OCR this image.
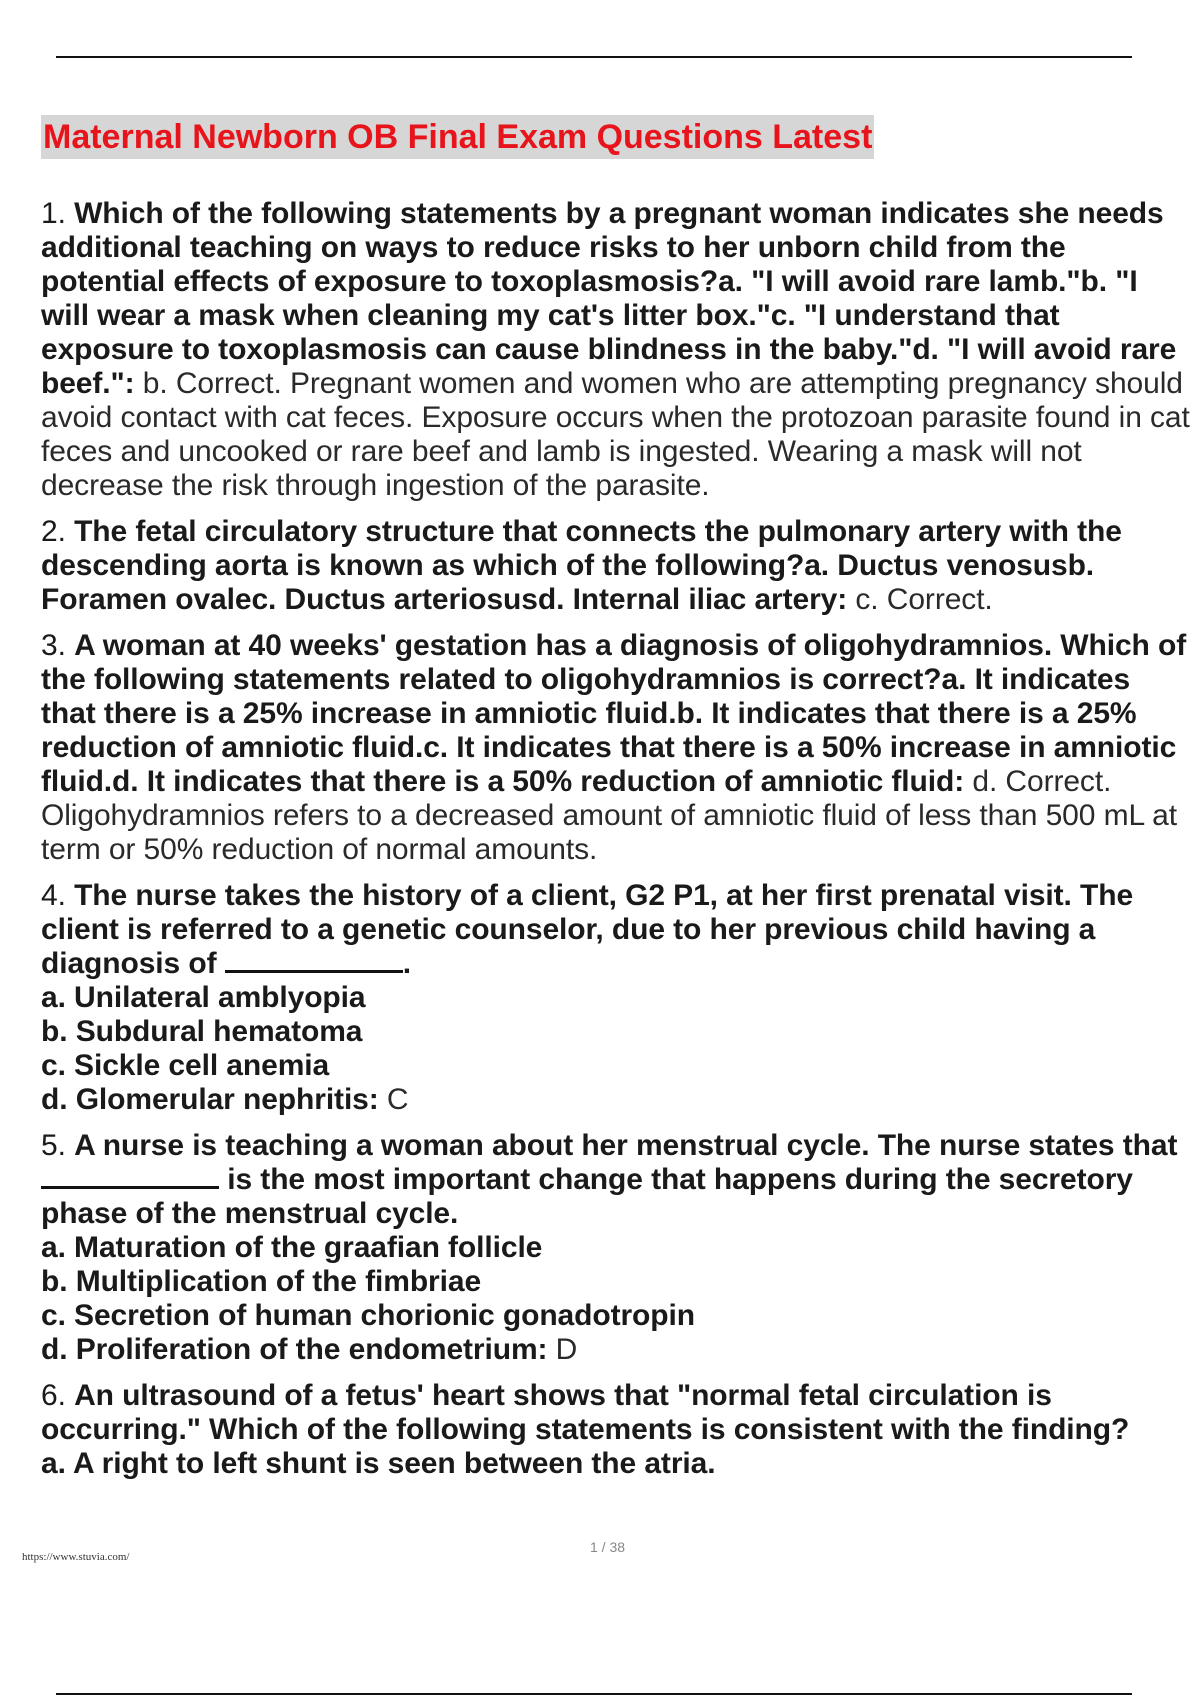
Maternal Newborn OB Final Exam Questions Latest
1. Which of the following statements by a pregnant woman indicates she needs additional teaching on ways to reduce risks to her unborn child from the potential effects of exposure to toxoplasmosis?a. "I will avoid rare lamb."b. "I will wear a mask when cleaning my cat's litter box."c. "I understand that exposure to toxoplasmosis can cause blindness in the baby."d. "I will avoid rare beef.": b. Correct. Pregnant women and women who are attempting pregnancy should avoid contact with cat feces. Exposure occurs when the protozoan parasite found in cat feces and uncooked or rare beef and lamb is ingested. Wearing a mask will not decrease the risk through ingestion of the parasite.
2. The fetal circulatory structure that connects the pulmonary artery with the descending aorta is known as which of the following?a. Ductus venosusb. Foramen ovalec. Ductus arteriosusd. Internal iliac artery: c. Correct.
3. A woman at 40 weeks' gestation has a diagnosis of oligohydramnios. Which of the following statements related to oligohydramnios is correct?a. It indicates that there is a 25% increase in amniotic fluid.b. It indicates that there is a 25% reduction of amniotic fluid.c. It indicates that there is a 50% increase in amniotic fluid.d. It indicates that there is a 50% reduction of amniotic fluid: d. Correct. Oligohydramnios refers to a decreased amount of amniotic fluid of less than 500 mL at term or 50% reduction of normal amounts.
4. The nurse takes the history of a client, G2 P1, at her first prenatal visit. The client is referred to a genetic counselor, due to her previous child having a diagnosis of	.
a. Unilateral amblyopia
b. Subdural hematoma
c. Sickle cell anemia
d. Glomerular nephritis: C
5. A nurse is teaching a woman about her menstrual cycle. The nurse states that  is the most important change that happens during the secretory phase of the menstrual cycle.
a. Maturation of the graafian follicle
b. Multiplication of the fimbriae
c. Secretion of human chorionic gonadotropin
d. Proliferation of the endometrium: D
6. An ultrasound of a fetus' heart shows that "normal fetal circulation is occurring." Which of the following statements is consistent with the finding?
a. A right to left shunt is seen between the atria.
https://www.stuvia.com/
1 / 38
